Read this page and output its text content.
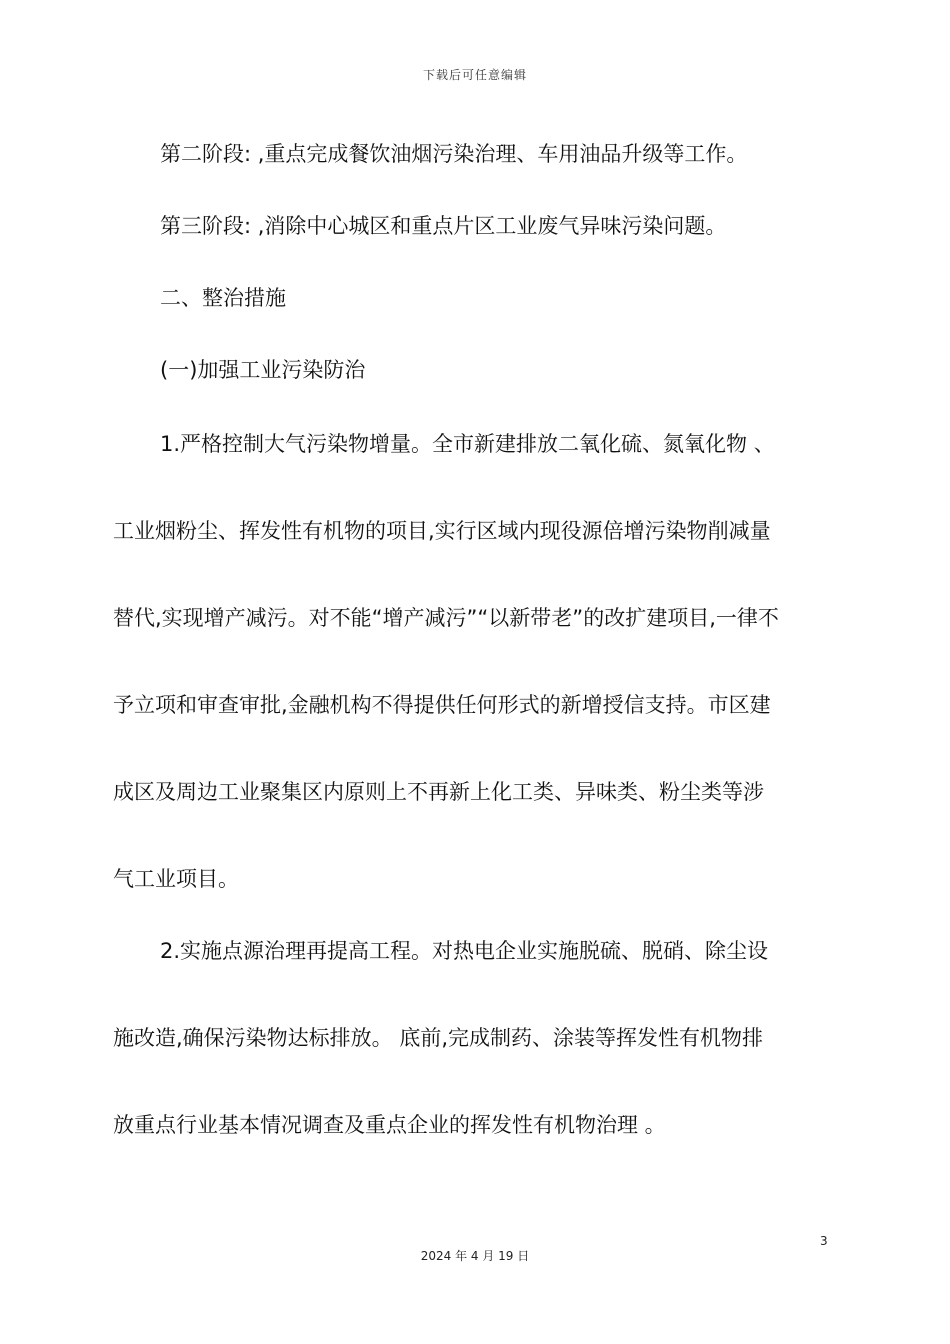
下载后可任意编辑
第二阶段: ,重点完成餐饮油烟污染治理、车用油品升级等工作。
第三阶段: ,消除中心城区和重点片区工业废气异味污染问题。
二、整治措施
(一)加强工业污染防治
1.严格控制大气污染物增量。全市新建排放二氧化硫、氮氧化物 、
工业烟粉尘、挥发性有机物的项目,实行区域内现役源倍增污染物削减量
替代,实现增产减污。对不能“增产减污”“以新带老”的改扩建项目,一律不
予立项和审查审批,金融机构不得提供任何形式的新增授信支持。市区建
成区及周边工业聚集区内原则上不再新上化工类、异味类、粉尘类等涉
气工业项目。
2.实施点源治理再提高工程。对热电企业实施脱硫、脱硝、除尘设
施改造,确保污染物达标排放。 底前,完成制药、涂装等挥发性有机物排
放重点行业基本情况调查及重点企业的挥发性有机物治理 。
3
2024 年 4 月 19 日
